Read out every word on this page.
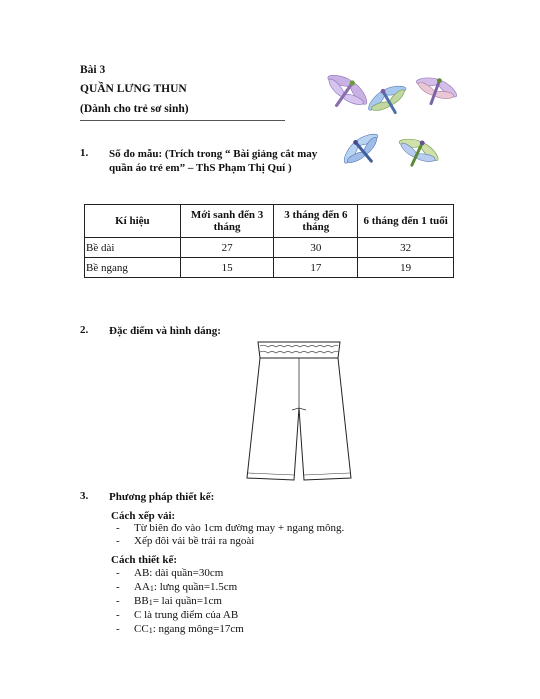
Bài 3
QUẦN LƯNG THUN
(Dành cho trẻ sơ sinh)
1. Số đo mẫu: (Trích trong “ Bài giảng cắt may quần áo trẻ em” – ThS Phạm Thị Quí )
Kí hiệu	Mới sanh đến 3 tháng	3 tháng đến 6 tháng	6 tháng đến 1 tuổi
Bề dài	27	30	32
Bề ngang	15	17	19
2. Đặc điểm và hình dáng:
3. Phương pháp thiết kế:
Cách xếp vải:
- Từ biên đo vào 1cm đường may + ngang mông.
- Xếp đôi vải bề trái ra ngoài
Cách thiết kế:
- AB: dài quần=30cm
- AA1: lưng quần=1.5cm
- BB1= lai quần=1cm
- C là trung điểm của AB
- CC1: ngang mông=17cm
